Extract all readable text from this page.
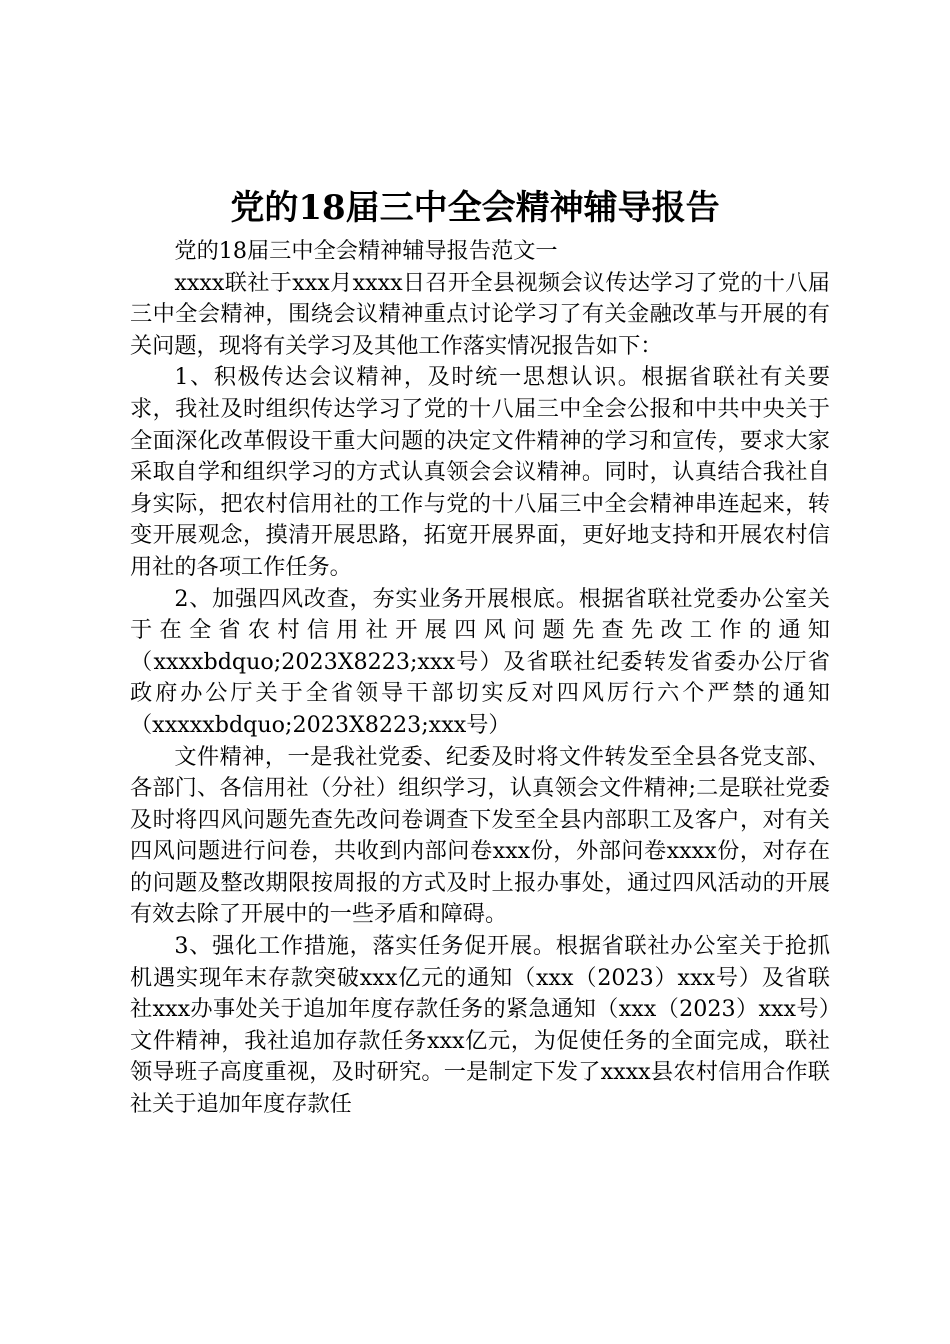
党的18届三中全会精神辅导报告

党的18届三中全会精神辅导报告范文一

xxxx联社于xxx月xxxx日召开全县视频会议传达学习了党的十八届三中全会精神，围绕会议精神重点讨论学习了有关金融改革与开展的有关问题，现将有关学习及其他工作落实情况报告如下：

1、积极传达会议精神，及时统一思想认识。根据省联社有关要求，我社及时组织传达学习了党的十八届三中全会公报和中共中央关于全面深化改革假设干重大问题的决定文件精神的学习和宣传，要求大家采取自学和组织学习的方式认真领会会议精神。同时，认真结合我社自身实际，把农村信用社的工作与党的十八届三中全会精神串连起来，转变开展观念，摸清开展思路，拓宽开展界面，更好地支持和开展农村信用社的各项工作任务。

2、加强四风改查，夯实业务开展根底。根据省联社党委办公室关于在全省农村信用社开展四风问题先查先改工作的通知（xxxxbdquo;2023X8223;xxx号）及省联社纪委转发省委办公厅省政府办公厅关于全省领导干部切实反对四风厉行六个严禁的通知（xxxxxbdquo;2023X8223;xxx号）

文件精神，一是我社党委、纪委及时将文件转发至全县各党支部、各部门、各信用社（分社）组织学习，认真领会文件精神;二是联社党委及时将四风问题先查先改问卷调查下发至全县内部职工及客户，对有关四风问题进行问卷，共收到内部问卷xxx份，外部问卷xxxx份，对存在的问题及整改期限按周报的方式及时上报办事处，通过四风活动的开展有效去除了开展中的一些矛盾和障碍。

3、强化工作措施，落实任务促开展。根据省联社办公室关于抢抓机遇实现年末存款突破xxx亿元的通知（xxx（2023）xxx号）及省联社xxx办事处关于追加年度存款任务的紧急通知（xxx（2023）xxx号）文件精神，我社追加存款任务xxx亿元，为促使任务的全面完成，联社领导班子高度重视，及时研究。一是制定下发了xxxx县农村信用合作联社关于追加年度存款任
